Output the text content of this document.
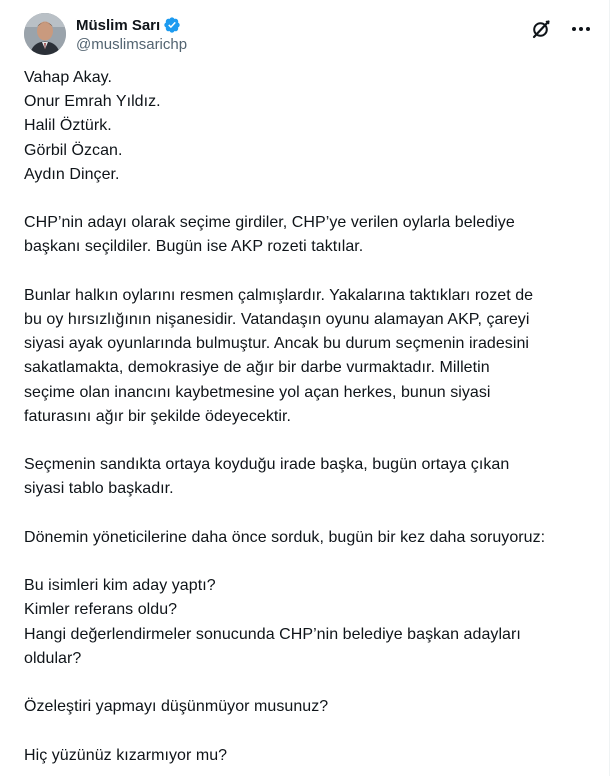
Müslim Sarı
@muslimsarichp
Vahap Akay.
Onur Emrah Yıldız.
Halil Öztürk.
Görbil Özcan.
Aydın Dinçer.
CHP’nin adayı olarak seçime girdiler, CHP’ye verilen oylarla belediye
başkanı seçildiler. Bugün ise AKP rozeti taktılar.
Bunlar halkın oylarını resmen çalmışlardır. Yakalarına taktıkları rozet de
bu oy hırsızlığının nişanesidir. Vatandaşın oyunu alamayan AKP, çareyi
siyasi ayak oyunlarında bulmuştur. Ancak bu durum seçmenin iradesini
sakatlamakta, demokrasiye de ağır bir darbe vurmaktadır. Milletin
seçime olan inancını kaybetmesine yol açan herkes, bunun siyasi
faturasını ağır bir şekilde ödeyecektir.
Seçmenin sandıkta ortaya koyduğu irade başka, bugün ortaya çıkan
siyasi tablo başkadır.
Dönemin yöneticilerine daha önce sorduk, bugün bir kez daha soruyoruz:
Bu isimleri kim aday yaptı?
Kimler referans oldu?
Hangi değerlendirmeler sonucunda CHP’nin belediye başkan adayları
oldular?
Özeleştiri yapmayı düşünmüyor musunuz?
Hiç yüzünüz kızarmıyor mu?
